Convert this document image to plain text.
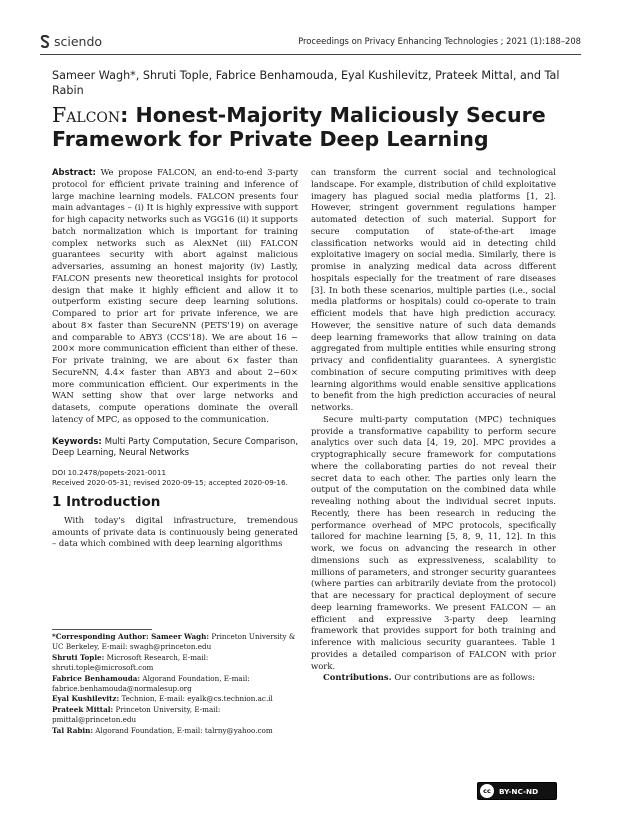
sciendo	Proceedings on Privacy Enhancing Technologies ; 2021 (1):188–208
Sameer Wagh*, Shruti Tople, Fabrice Benhamouda, Eyal Kushilevitz, Prateek Mittal, and Tal Rabin
Falcon: Honest-Majority Maliciously Secure Framework for Private Deep Learning

Abstract: We propose FALCON, an end-to-end 3-party protocol for efficient private training and inference of large machine learning models. FALCON presents four main advantages – (i) It is highly expressive with support for high capacity networks such as VGG16 (ii) it supports batch normalization which is important for training complex networks such as AlexNet (iii) FALCON guarantees security with abort against malicious adversaries, assuming an honest majority (iv) Lastly, FALCON presents new theoretical insights for protocol design that make it highly efficient and allow it to outperform existing secure deep learning solutions. Compared to prior art for private inference, we are about 8× faster than SecureNN (PETS'19) on average and comparable to ABY3 (CCS'18). We are about 16 − 200× more communication efficient than either of these. For private training, we are about 6× faster than SecureNN, 4.4× faster than ABY3 and about 2−60× more communication efficient. Our experiments in the WAN setting show that over large networks and datasets, compute operations dominate the overall latency of MPC, as opposed to the communication.

Keywords: Multi Party Computation, Secure Comparison, Deep Learning, Neural Networks

DOI 10.2478/popets-2021-0011
Received 2020-05-31; revised 2020-09-15; accepted 2020-09-16.

1 Introduction

With today's digital infrastructure, tremendous amounts of private data is continuously being generated – data which combined with deep learning algorithms

*Corresponding Author: Sameer Wagh: Princeton University & UC Berkeley, E-mail: swagh@princeton.edu

Shruti Tople: Microsoft Research, E-mail: shruti.tople@microsoft.com

Fabrice Benhamouda: Algorand Foundation, E-mail: fabrice.benhamouda@normalesup.org

Eyal Kushilevitz: Technion, E-mail: eyalk@cs.technion.ac.il

Prateek Mittal: Princeton University, E-mail: pmittal@princeton.edu

Tal Rabin: Algorand Foundation, E-mail: talrny@yahoo.com

can transform the current social and technological landscape. For example, distribution of child exploitative imagery has plagued social media platforms [1, 2]. However, stringent government regulations hamper automated detection of such material. Support for secure computation of state-of-the-art image classification networks would aid in detecting child exploitative imagery on social media. Similarly, there is promise in analyzing medical data across different hospitals especially for the treatment of rare diseases [3]. In both these scenarios, multiple parties (i.e., social media platforms or hospitals) could co-operate to train efficient models that have high prediction accuracy. However, the sensitive nature of such data demands deep learning frameworks that allow training on data aggregated from multiple entities while ensuring strong privacy and confidentiality guarantees. A synergistic combination of secure computing primitives with deep learning algorithms would enable sensitive applications to benefit from the high prediction accuracies of neural networks.

Secure multi-party computation (MPC) techniques provide a transformative capability to perform secure analytics over such data [4, 19, 20]. MPC provides a cryptographically secure framework for computations where the collaborating parties do not reveal their secret data to each other. The parties only learn the output of the computation on the combined data while revealing nothing about the individual secret inputs. Recently, there has been research in reducing the performance overhead of MPC protocols, specifically tailored for machine learning [5, 8, 9, 11, 12]. In this work, we focus on advancing the research in other dimensions such as expressiveness, scalability to millions of parameters, and stronger security guarantees (where parties can arbitrarily deviate from the protocol) that are necessary for practical deployment of secure deep learning frameworks. We present FALCON — an efficient and expressive 3-party deep learning framework that provides support for both training and inference with malicious security guarantees. Table 1 provides a detailed comparison of FALCON with prior work.

Contributions. Our contributions are as follows:

cc	BY-NC-ND
